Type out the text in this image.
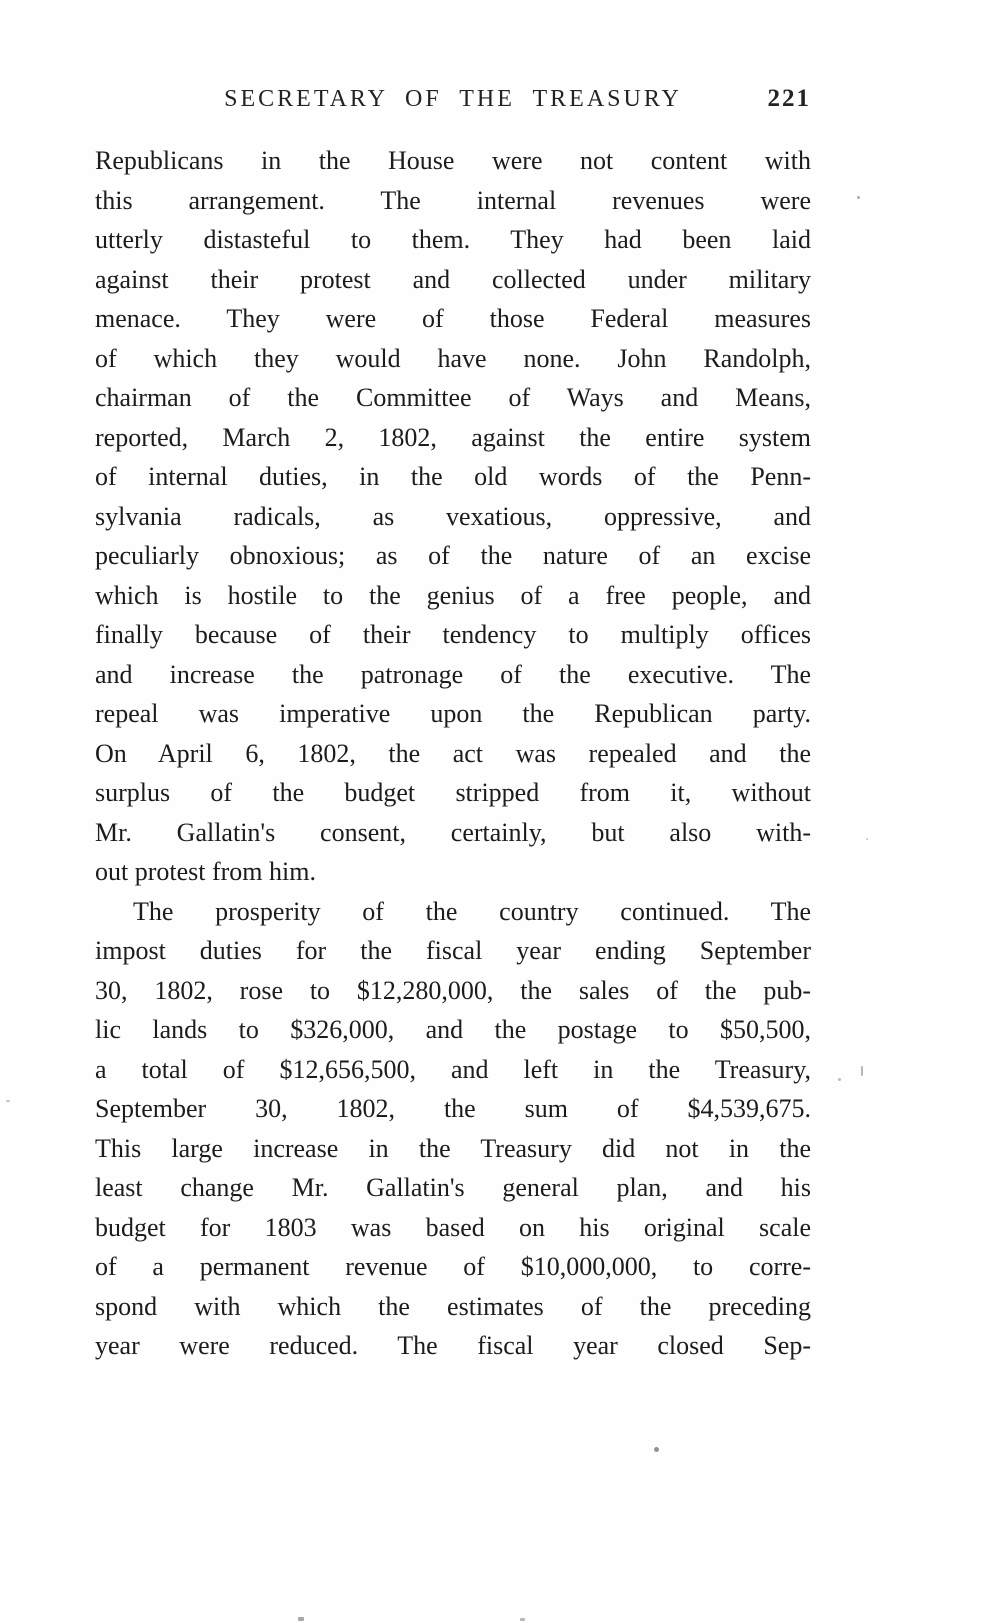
SECRETARY OF THE TREASURY	221
Republicans in the House were not content with
this arrangement. The internal revenues were
utterly distasteful to them. They had been laid
against their protest and collected under military
menace. They were of those Federal measures
of which they would have none. John Randolph,
chairman of the Committee of Ways and Means,
reported, March 2, 1802, against the entire system
of internal duties, in the old words of the Penn-
sylvania radicals, as vexatious, oppressive, and
peculiarly obnoxious; as of the nature of an excise
which is hostile to the genius of a free people, and
finally because of their tendency to multiply offices
and increase the patronage of the executive. The
repeal was imperative upon the Republican party.
On April 6, 1802, the act was repealed and the
surplus of the budget stripped from it, without
Mr. Gallatin's consent, certainly, but also with-
out protest from him.
The prosperity of the country continued. The
impost duties for the fiscal year ending September
30, 1802, rose to $12,280,000, the sales of the pub-
lic lands to $326,000, and the postage to $50,500,
a total of $12,656,500, and left in the Treasury,
September 30, 1802, the sum of $4,539,675.
This large increase in the Treasury did not in the
least change Mr. Gallatin's general plan, and his
budget for 1803 was based on his original scale
of a permanent revenue of $10,000,000, to corre-
spond with which the estimates of the preceding
year were reduced. The fiscal year closed Sep-
